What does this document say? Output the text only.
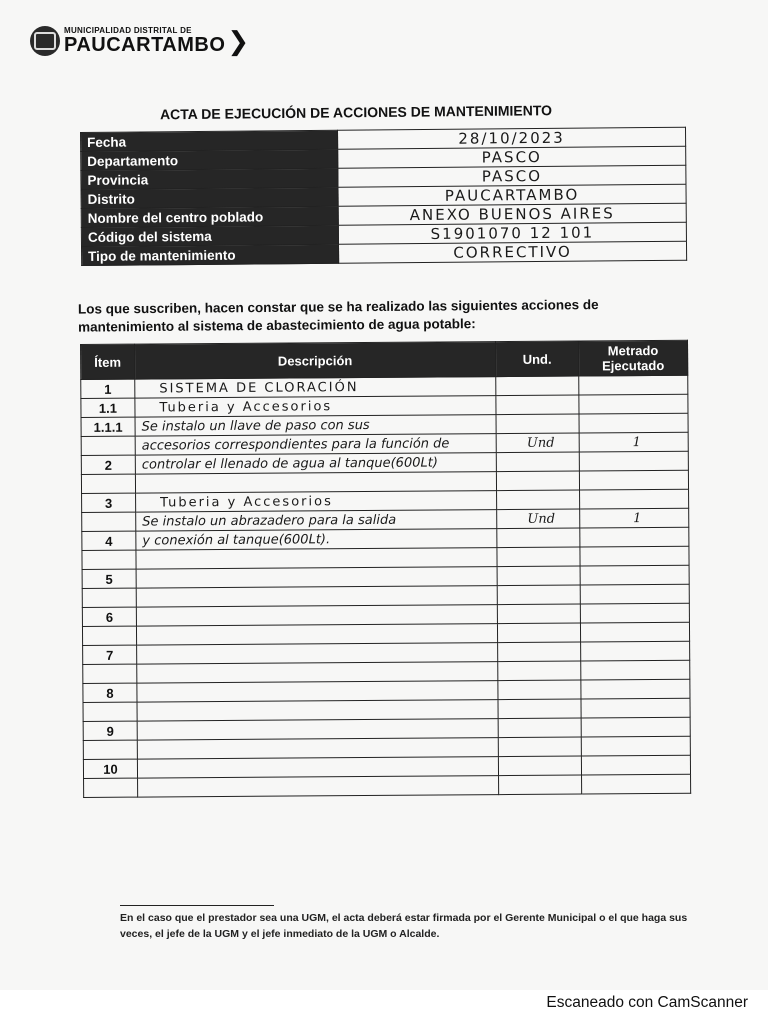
MUNICIPALIDAD DISTRITAL DE
PAUCARTAMBO ❯
ACTA DE EJECUCIÓN DE ACCIONES DE MANTENIMIENTO
Fecha	28/10/2023
Departamento	PASCO
Provincia	PASCO
Distrito	PAUCARTAMBO
Nombre del centro poblado	ANEXO BUENOS AIRES
Código del sistema	S1901070 12 101
Tipo de mantenimiento	CORRECTIVO
Los que suscriben, hacen constar que se ha realizado las siguientes acciones de mantenimiento al sistema de abastecimiento de agua potable:
Ítem	Descripción	Und.	Metrado
Ejecutado

1	SISTEMA DE CLORACIÓN		
1.1	Tuberia y Accesorios		
1.1.1	Se instalo un llave de paso con sus		
	accesorios correspondientes para la función de	Und	1
2	controlar el llenado de agua al tanque(600Lt)		

3	Tuberia y Accesorios		
	Se instalo un abrazadero para la salida	Und	1
4	y conexión al tanque(600Lt).		

5			

6			

7			

8			

9			

10			

En el caso que el prestador sea una UGM, el acta deberá estar firmada por el Gerente Municipal o el que haga sus veces, el jefe de la UGM y el jefe inmediato de la UGM o Alcalde.
Escaneado con CamScanner
